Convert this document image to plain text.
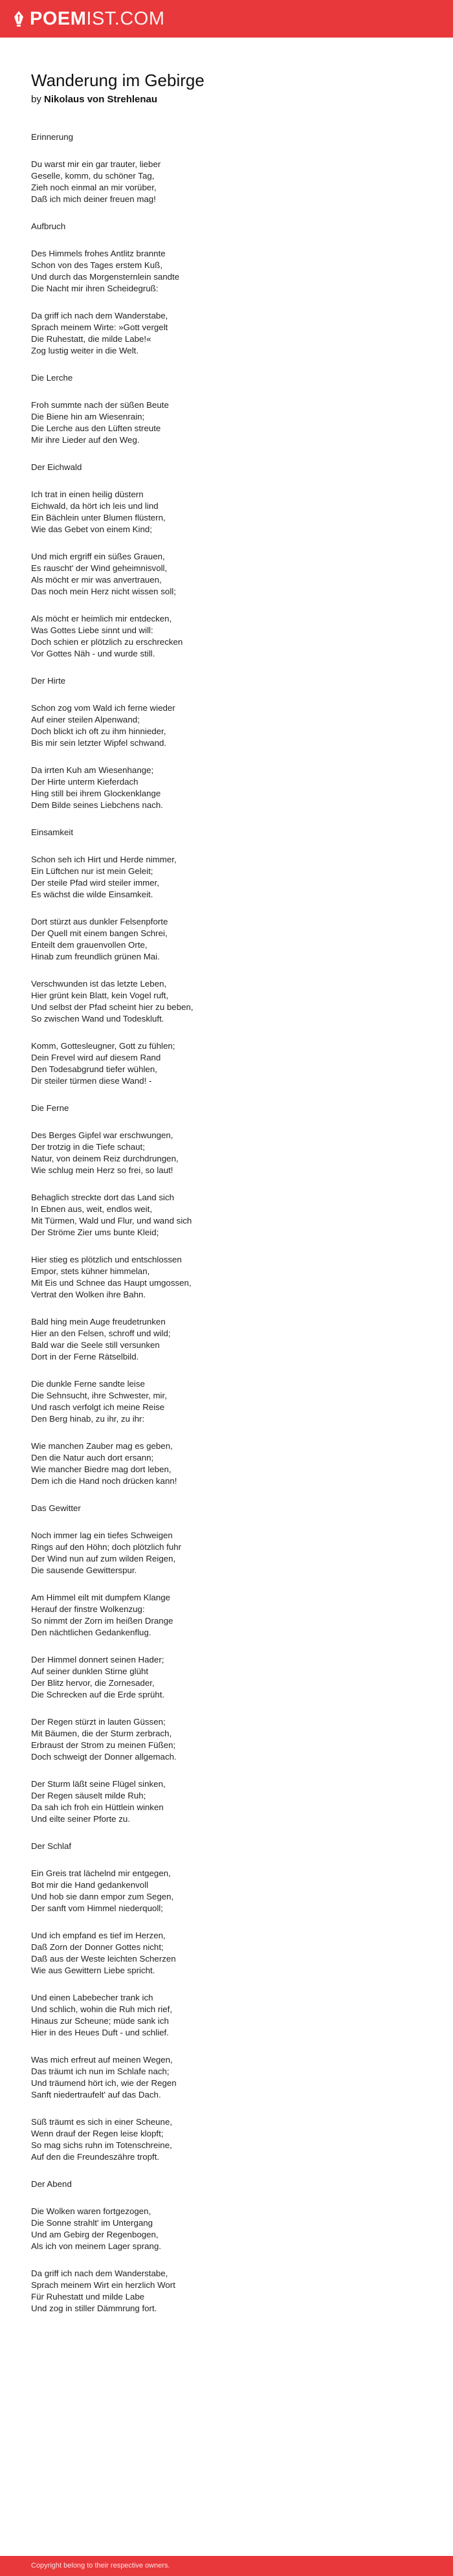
POEMIST.COM
Wanderung im Gebirge
by Nikolaus von Strehlenau
Erinnerung
Du warst mir ein gar trauter, lieber
Geselle, komm, du schöner Tag,
Zieh noch einmal an mir vorüber,
Daß ich mich deiner freuen mag!
Aufbruch
Des Himmels frohes Antlitz brannte
Schon von des Tages erstem Kuß,
Und durch das Morgensternlein sandte
Die Nacht mir ihren Scheidegruß:
Da griff ich nach dem Wanderstabe,
Sprach meinem Wirte: »Gott vergelt
Die Ruhestatt, die milde Labe!«
Zog lustig weiter in die Welt.
Die Lerche
Froh summte nach der süßen Beute
Die Biene hin am Wiesenrain;
Die Lerche aus den Lüften streute
Mir ihre Lieder auf den Weg.
Der Eichwald
Ich trat in einen heilig düstern
Eichwald, da hört ich leis und lind
Ein Bächlein unter Blumen flüstern,
Wie das Gebet von einem Kind;
Und mich ergriff ein süßes Grauen,
Es rauscht' der Wind geheimnisvoll,
Als möcht er mir was anvertrauen,
Das noch mein Herz nicht wissen soll;
Als möcht er heimlich mir entdecken,
Was Gottes Liebe sinnt und will:
Doch schien er plötzlich zu erschrecken
Vor Gottes Näh - und wurde still.
Der Hirte
Schon zog vom Wald ich ferne wieder
Auf einer steilen Alpenwand;
Doch blickt ich oft zu ihm hinnieder,
Bis mir sein letzter Wipfel schwand.
Da irrten Kuh am Wiesenhange;
Der Hirte unterm Kieferdach
Hing still bei ihrem Glockenklange
Dem Bilde seines Liebchens nach.
Einsamkeit
Schon seh ich Hirt und Herde nimmer,
Ein Lüftchen nur ist mein Geleit;
Der steile Pfad wird steiler immer,
Es wächst die wilde Einsamkeit.
Dort stürzt aus dunkler Felsenpforte
Der Quell mit einem bangen Schrei,
Enteilt dem grauenvollen Orte,
Hinab zum freundlich grünen Mai.
Verschwunden ist das letzte Leben,
Hier grünt kein Blatt, kein Vogel ruft,
Und selbst der Pfad scheint hier zu beben,
So zwischen Wand und Todeskluft.
Komm, Gottesleugner, Gott zu fühlen;
Dein Frevel wird auf diesem Rand
Den Todesabgrund tiefer wühlen,
Dir steiler türmen diese Wand! -
Die Ferne
Des Berges Gipfel war erschwungen,
Der trotzig in die Tiefe schaut;
Natur, von deinem Reiz durchdrungen,
Wie schlug mein Herz so frei, so laut!
Behaglich streckte dort das Land sich
In Ebnen aus, weit, endlos weit,
Mit Türmen, Wald und Flur, und wand sich
Der Ströme Zier ums bunte Kleid;
Hier stieg es plötzlich und entschlossen
Empor, stets kühner himmelan,
Mit Eis und Schnee das Haupt umgossen,
Vertrat den Wolken ihre Bahn.
Bald hing mein Auge freudetrunken
Hier an den Felsen, schroff und wild;
Bald war die Seele still versunken
Dort in der Ferne Rätselbild.
Die dunkle Ferne sandte leise
Die Sehnsucht, ihre Schwester, mir,
Und rasch verfolgt ich meine Reise
Den Berg hinab, zu ihr, zu ihr:
Wie manchen Zauber mag es geben,
Den die Natur auch dort ersann;
Wie mancher Biedre mag dort leben,
Dem ich die Hand noch drücken kann!
Das Gewitter
Noch immer lag ein tiefes Schweigen
Rings auf den Höhn; doch plötzlich fuhr
Der Wind nun auf zum wilden Reigen,
Die sausende Gewitterspur.
Am Himmel eilt mit dumpfem Klange
Herauf der finstre Wolkenzug:
So nimmt der Zorn im heißen Drange
Den nächtlichen Gedankenflug.
Der Himmel donnert seinen Hader;
Auf seiner dunklen Stirne glüht
Der Blitz hervor, die Zornesader,
Die Schrecken auf die Erde sprüht.
Der Regen stürzt in lauten Güssen;
Mit Bäumen, die der Sturm zerbrach,
Erbraust der Strom zu meinen Füßen;
Doch schweigt der Donner allgemach.
Der Sturm läßt seine Flügel sinken,
Der Regen säuselt milde Ruh;
Da sah ich froh ein Hüttlein winken
Und eilte seiner Pforte zu.
Der Schlaf
Ein Greis trat lächelnd mir entgegen,
Bot mir die Hand gedankenvoll
Und hob sie dann empor zum Segen,
Der sanft vom Himmel niederquoll;
Und ich empfand es tief im Herzen,
Daß Zorn der Donner Gottes nicht;
Daß aus der Weste leichten Scherzen
Wie aus Gewittern Liebe spricht.
Und einen Labebecher trank ich
Und schlich, wohin die Ruh mich rief,
Hinaus zur Scheune; müde sank ich
Hier in des Heues Duft - und schlief.
Was mich erfreut auf meinen Wegen,
Das träumt ich nun im Schlafe nach;
Und träumend hört ich, wie der Regen
Sanft niedertraufelt' auf das Dach.
Süß träumt es sich in einer Scheune,
Wenn drauf der Regen leise klopft;
So mag sichs ruhn im Totenschreine,
Auf den die Freundeszähre tropft.
Der Abend
Die Wolken waren fortgezogen,
Die Sonne strahlt' im Untergang
Und am Gebirg der Regenbogen,
Als ich von meinem Lager sprang.
Da griff ich nach dem Wanderstabe,
Sprach meinem Wirt ein herzlich Wort
Für Ruhestatt und milde Labe
Und zog in stiller Dämmrung fort.
Copyright belong to their respective owners.
